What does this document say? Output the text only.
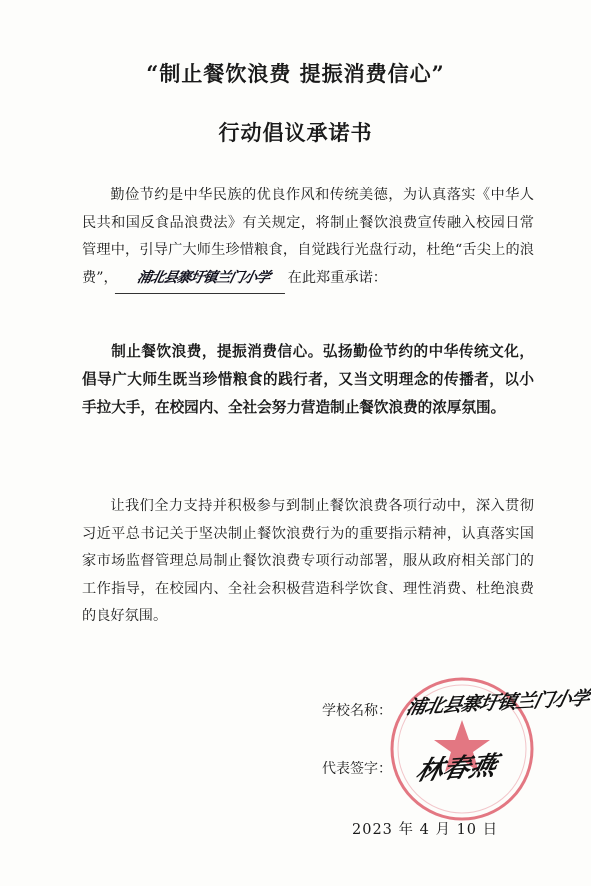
“制止餐饮浪费 提振消费信心”
行动倡议承诺书

勤俭节约是中华民族的优良作风和传统美德，为认真落实《中华人民共和国反食品浪费法》有关规定，将制止餐饮浪费宣传融入校园日常管理中，引导广大师生珍惜粮食，自觉践行光盘行动，杜绝“舌尖上的浪费”， 浦北县寨圩镇兰门小学 在此郑重承诺：

制止餐饮浪费，提振消费信心。弘扬勤俭节约的中华传统文化，倡导广大师生既当珍惜粮食的践行者，又当文明理念的传播者，以小手拉大手，在校园内、全社会努力营造制止餐饮浪费的浓厚氛围。

让我们全力支持并积极参与到制止餐饮浪费各项行动中，深入贯彻习近平总书记关于坚决制止餐饮浪费行为的重要指示精神，认真落实国家市场监督管理总局制止餐饮浪费专项行动部署，服从政府相关部门的工作指导，在校园内、全社会积极营造科学饮食、理性消费、杜绝浪费的良好氛围。

学校名称： 浦北县寨圩镇兰门小学
代表签字： 林春燕
2023 年 4 月 10 日
